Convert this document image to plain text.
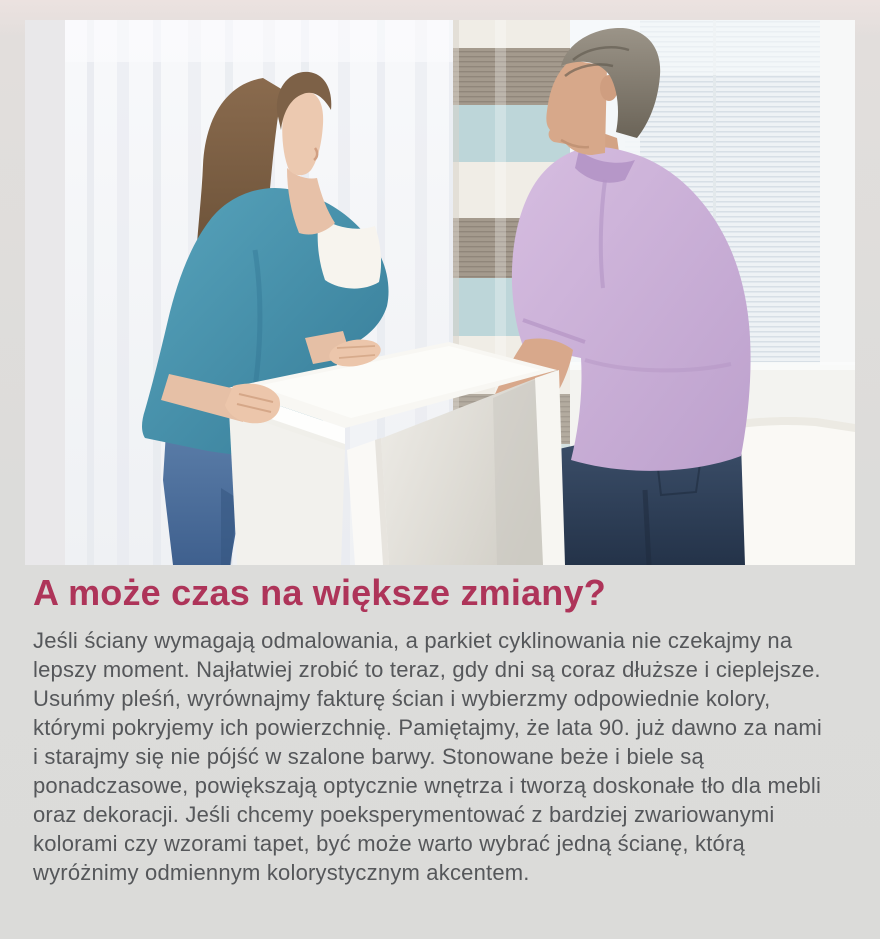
A może czas na większe zmiany?

Jeśli ściany wymagają odmalowania, a parkiet cyklinowania nie czekajmy na lepszy moment. Najłatwiej zrobić to teraz, gdy dni są coraz dłuższe i cieplejsze. Usuńmy pleśń, wyrównajmy fakturę ścian i wybierzmy odpowiednie kolory, którymi pokryjemy ich powierzchnię. Pamiętajmy, że lata 90. już dawno za nami i starajmy się nie pójść w szalone barwy. Stonowane beże i biele są ponadczasowe, powiększają optycznie wnętrza i tworzą doskonałe tło dla mebli oraz dekoracji. Jeśli chcemy poeksperymentować z bardziej zwariowanymi kolorami czy wzorami tapet, być może warto wybrać jedną ścianę, którą wyróżnimy odmiennym kolorystycznym akcentem.
